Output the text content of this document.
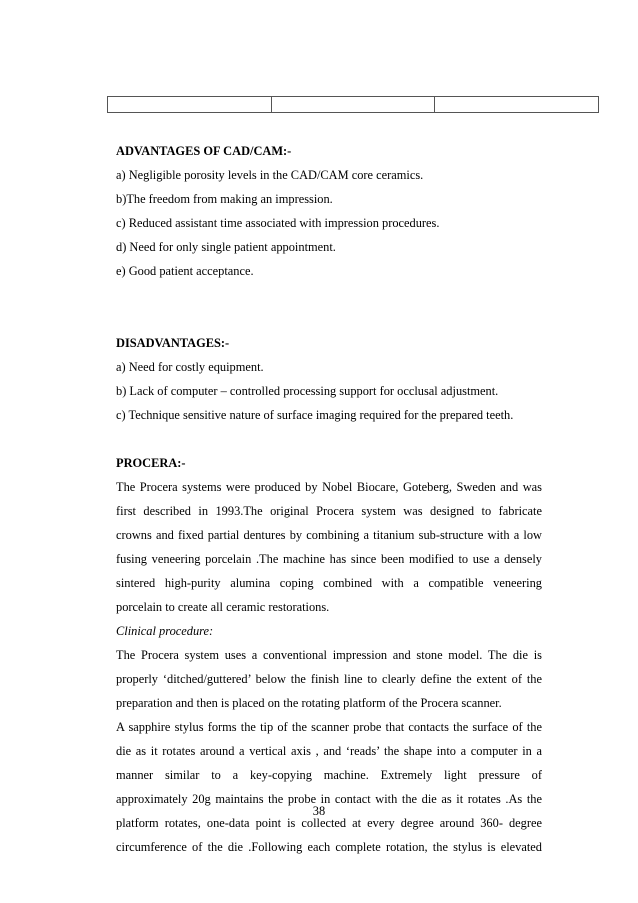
ADVANTAGES OF CAD/CAM:-
a) Negligible porosity levels in the CAD/CAM core ceramics.
b)The freedom from making an impression.
c) Reduced assistant time associated with impression procedures.
d) Need for only single patient appointment.
e) Good patient acceptance.
DISADVANTAGES:-
a) Need for costly equipment.
b) Lack of computer – controlled processing support for occlusal adjustment.
c) Technique sensitive nature of surface imaging required for the prepared teeth.
PROCERA:-
The Procera systems were produced by Nobel Biocare, Goteberg, Sweden and was
first described in 1993.The original Procera system was designed to fabricate
crowns and fixed partial dentures by combining a titanium sub-structure with a low
fusing veneering porcelain .The machine has since been modified to use a densely
sintered high-purity alumina coping combined with a compatible veneering
porcelain to create all ceramic restorations.
Clinical procedure:
The Procera system uses a conventional impression and stone model. The die is
properly ‘ditched/guttered’ below the finish line to clearly define the extent of the
preparation and then is placed on the rotating platform of the Procera scanner.
A sapphire stylus forms the tip of the scanner probe that contacts the surface of the
die as it rotates around a vertical axis , and ‘reads’ the shape into a computer in a
manner similar to a key-copying machine. Extremely light pressure of
approximately 20g maintains the probe in contact with the die as it rotates .As the
platform rotates, one-data point is collected at every degree around 360- degree
circumference of the die .Following each complete rotation, the stylus is elevated
38
